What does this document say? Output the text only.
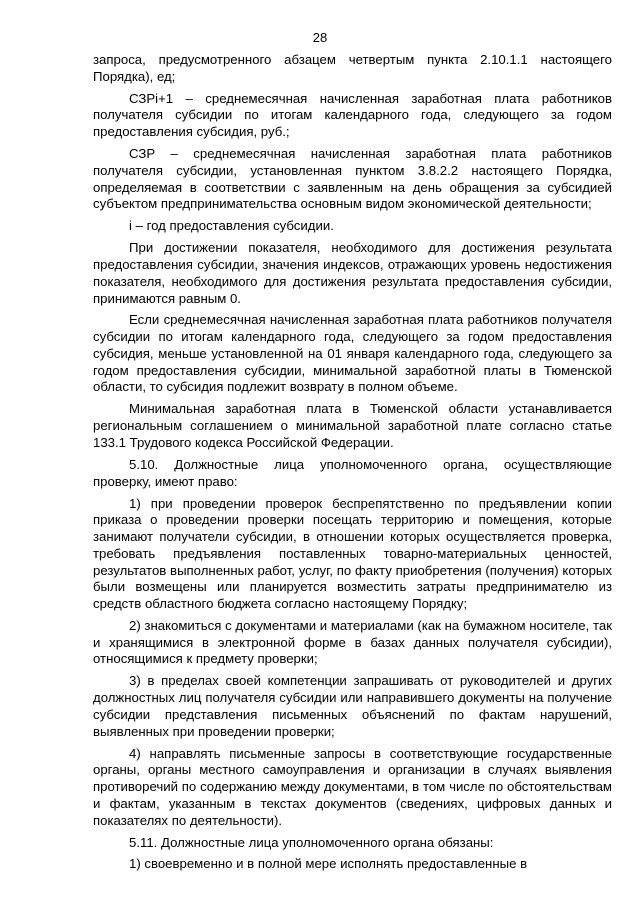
28

запроса, предусмотренного абзацем четвертым пункта 2.10.1.1 настоящего Порядка), ед;

СЗPi+1 – среднемесячная начисленная заработная плата работников получателя субсидии по итогам календарного года, следующего за годом предоставления субсидия, руб.;

СЗР – среднемесячная начисленная заработная плата работников получателя субсидии, установленная пунктом 3.8.2.2 настоящего Порядка, определяемая в соответствии с заявленным на день обращения за субсидией субъектом предпринимательства основным видом экономической деятельности;

i – год предоставления субсидии.

При достижении показателя, необходимого для достижения результата предоставления субсидии, значения индексов, отражающих уровень недостижения показателя, необходимого для достижения результата предоставления субсидии, принимаются равным 0.

Если среднемесячная начисленная заработная плата работников получателя субсидии по итогам календарного года, следующего за годом предоставления субсидия, меньше установленной на 01 января календарного года, следующего за годом предоставления субсидии, минимальной заработной платы в Тюменской области, то субсидия подлежит возврату в полном объеме.

Минимальная заработная плата в Тюменской области устанавливается региональным соглашением о минимальной заработной плате согласно статье 133.1 Трудового кодекса Российской Федерации.

5.10. Должностные лица уполномоченного органа, осуществляющие проверку, имеют право:

1) при проведении проверок беспрепятственно по предъявлении копии приказа о проведении проверки посещать территорию и помещения, которые занимают получатели субсидии, в отношении которых осуществляется проверка, требовать предъявления поставленных товарно-материальных ценностей, результатов выполненных работ, услуг, по факту приобретения (получения) которых были возмещены или планируется возместить затраты предпринимателю из средств областного бюджета согласно настоящему Порядку;

2) знакомиться с документами и материалами (как на бумажном носителе, так и хранящимися в электронной форме в базах данных получателя субсидии), относящимися к предмету проверки;

3) в пределах своей компетенции запрашивать от руководителей и других должностных лиц получателя субсидии или направившего документы на получение субсидии представления письменных объяснений по фактам нарушений, выявленных при проведении проверки;

4) направлять письменные запросы в соответствующие государственные органы, органы местного самоуправления и организации в случаях выявления противоречий по содержанию между документами, в том числе по обстоятельствам и фактам, указанным в текстах документов (сведениях, цифровых данных и показателях по деятельности).

5.11. Должностные лица уполномоченного органа обязаны:

1) своевременно и в полной мере исполнять предоставленные в
